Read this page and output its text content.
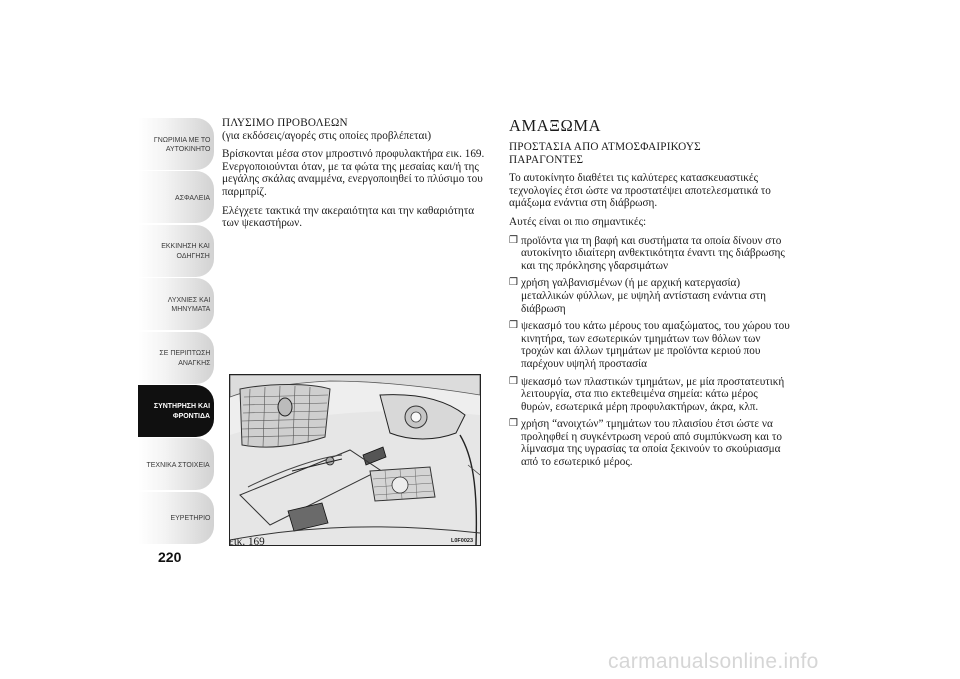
ΓΝΩΡΙΜΙΑ ΜΕ ΤΟ
ΑΥΤΟΚΙΝΗΤΟ
ΑΣΦΑΛΕΙΑ
ΕΚΚΙΝΗΣΗ ΚΑΙ
ΟΔΗΓΗΣΗ
ΛΥΧΝΙΕΣ ΚΑΙ
ΜΗΝΥΜΑΤΑ
ΣΕ ΠΕΡΙΠΤΩΣΗ
ΑΝΑΓΚΗΣ
ΣΥΝΤΗΡΗΣΗ ΚΑΙ
ΦΡΟΝΤΙΔΑ
ΤΕΧΝΙΚΑ ΣΤΟΙΧΕΙΑ
ΕΥΡΕΤΗΡΙΟ
220
ΠΛΥΣΙΜΟ ΠΡΟΒΟΛΕΩΝ

(για εκδόσεις/αγορές στις οποίες προβλέπεται)

Βρίσκονται μέσα στον μπροστινό προφυλακτήρα εικ. 169. Ενεργοποιούνται όταν, με τα φώτα της μεσαίας και/ή της μεγάλης σκάλας αναμμένα, ενεργοποιηθεί το πλύσιμο του παρμπρίζ.

Ελέγχετε τακτικά την ακεραιότητα και την καθαριότητα των ψεκαστήρων.

εικ. 169	L0F0023
ΑΜΑΞΩΜΑ
ΠΡΟΣΤΑΣΙΑ ΑΠΟ ΑΤΜΟΣΦΑΙΡΙΚΟΥΣ
ΠΑΡΑΓΟΝΤΕΣ

Το αυτοκίνητο διαθέτει τις καλύτερες κατασκευαστικές τεχνολογίες έτσι ώστε να προστατέψει αποτελεσματικά το αμάξωμα ενάντια στη διάβρωση.

Αυτές είναι οι πιο σημαντικές:

❒ προϊόντα για τη βαφή και συστήματα τα οποία δίνουν στο αυτοκίνητο ιδιαίτερη ανθεκτικότητα έναντι της διάβρωσης και της πρόκλησης γδαρσιμάτων
❒ χρήση γαλβανισμένων (ή με αρχική κατεργασία) μεταλλικών φύλλων, με υψηλή αντίσταση ενάντια στη διάβρωση
❒ ψεκασμό του κάτω μέρους του αμαξώματος, του χώρου του κινητήρα, των εσωτερικών τμημάτων των θόλων των τροχών και άλλων τμημάτων με προϊόντα κεριού που παρέχουν υψηλή προστασία
❒ ψεκασμό των πλαστικών τμημάτων, με μία προστατευτική λειτουργία, στα πιο εκτεθειμένα σημεία: κάτω μέρος θυρών, εσωτερικά μέρη προφυλακτήρων, άκρα, κλπ.
❒ χρήση “ανοιχτών” τμημάτων του πλαισίου έτσι ώστε να προληφθεί η συγκέντρωση νερού από συμπύκνωση και το λίμνασμα της υγρασίας τα οποία ξεκινούν το σκούριασμα από το εσωτερικό μέρος.
carmanualsonline.info
